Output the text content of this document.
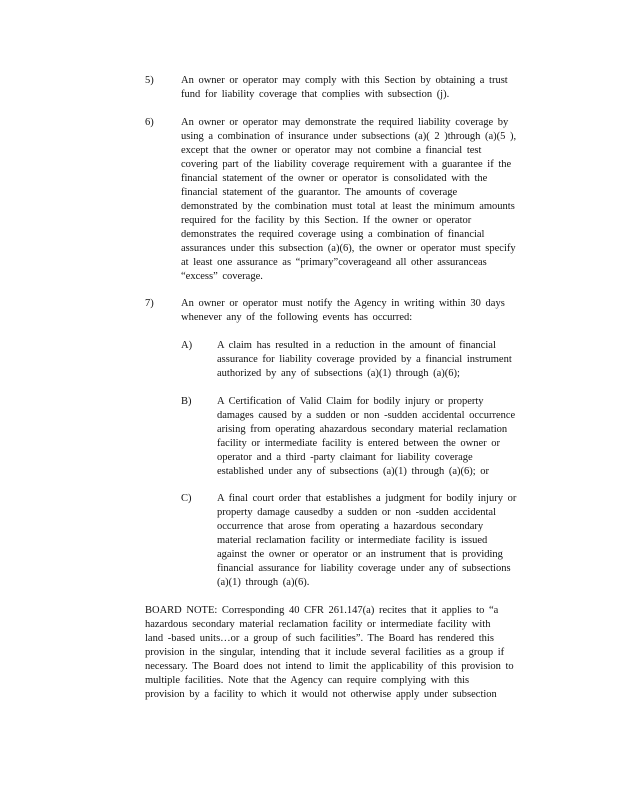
5)	An owner or operator may comply with this Section by obtaining a trust
fund for liability coverage that complies with subsection (j).
6)	An owner or operator may demonstrate the required liability coverage by
using a combination of insurance under subsections (a)( 2 )through (a)(5 ),
except that the owner or operator may not combine a financial test
covering part of the liability coverage requirement with a guarantee if the
financial statement of the owner or operator is consolidated with the
financial statement of the guarantor. The amounts of coverage
demonstrated by the combination must total at least the minimum amounts
required for the facility by this Section. If the owner or operator
demonstrates the required coverage using a combination of financial
assurances under this subsection (a)(6), the owner or operator must specify
at least one assurance as “primary”coverageand all other assuranceas
“excess” coverage.
7)	An owner or operator must notify the Agency in writing within 30 days
whenever any of the following events has occurred:
A) A claim has resulted in a reduction in the amount of financial
assurance for liability coverage provided by a financial instrument
authorized by any of subsections (a)(1) through (a)(6);
B) A Certification of Valid Claim for bodily injury or property
damages caused by a sudden or non -sudden accidental occurrence
arising from operating ahazardous secondary material reclamation
facility or intermediate facility is entered between the owner or
operator and a third -party claimant for liability coverage
established under any of subsections (a)(1) through (a)(6); or
C) A final court order that establishes a judgment for bodily injury or
property damage causedby a sudden or non -sudden accidental
occurrence that arose from operating a hazardous secondary
material reclamation facility or intermediate facility is issued
against the owner or operator or an instrument that is providing
financial assurance for liability coverage under any of subsections
(a)(1) through (a)(6).
BOARD NOTE: Corresponding 40 CFR 261.147(a) recites that it applies to “a
hazardous secondary material reclamation facility or intermediate facility with
land -based units…or a group of such facilities”. The Board has rendered this
provision in the singular, intending that it include several facilities as a group if
necessary. The Board does not intend to limit the applicability of this provision to
multiple facilities. Note that the Agency can require complying with this
provision by a facility to which it would not otherwise apply under subsection
